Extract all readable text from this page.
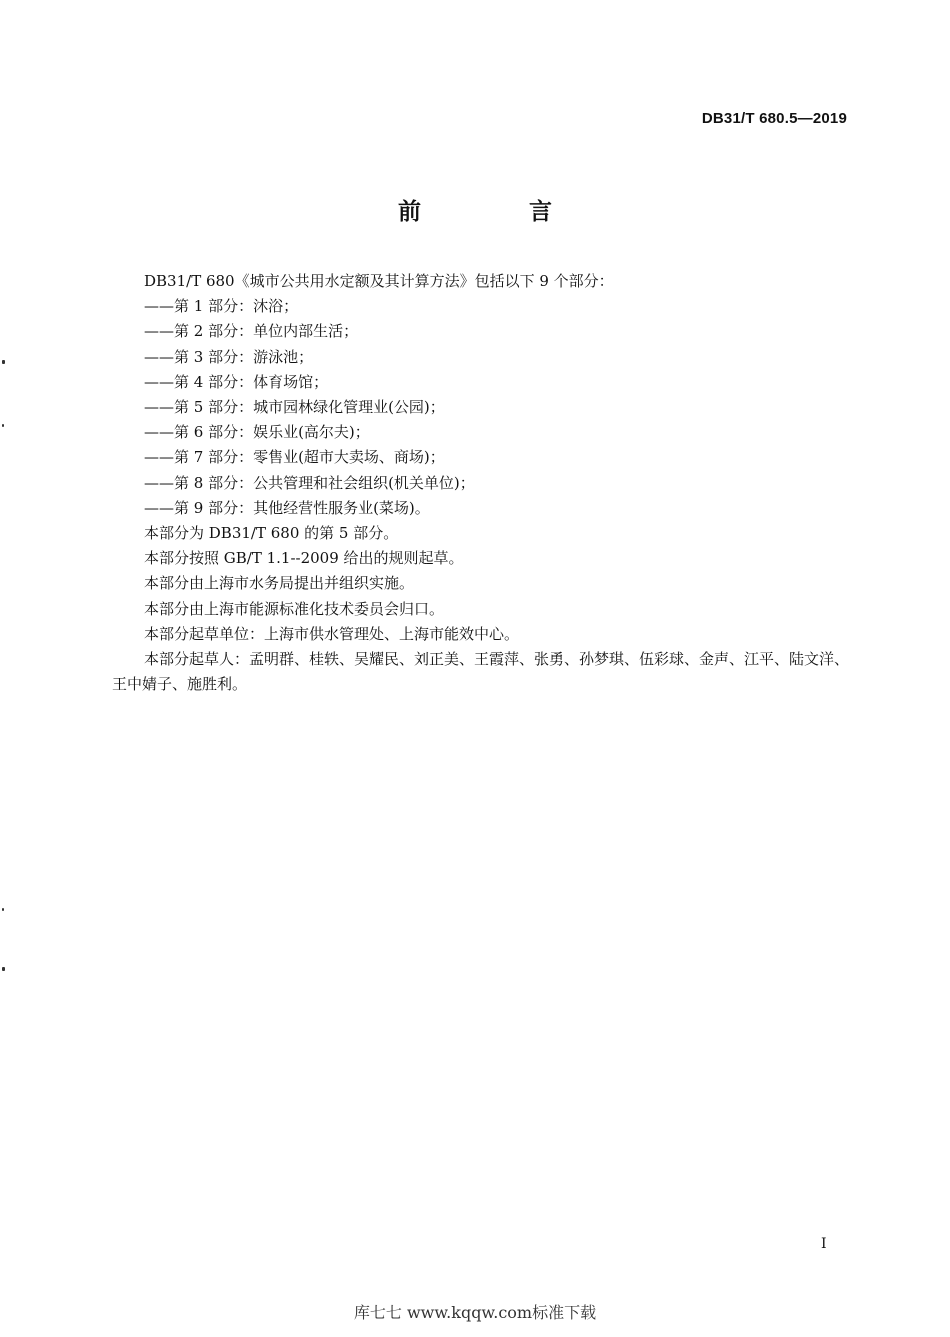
DB31/T 680.5—2019
前 言

DB31/T 680《城市公共用水定额及其计算方法》包括以下 9 个部分：

——第 1 部分：沐浴；

——第 2 部分：单位内部生活；

——第 3 部分：游泳池；

——第 4 部分：体育场馆；

——第 5 部分：城市园林绿化管理业(公园)；

——第 6 部分：娱乐业(高尔夫)；

——第 7 部分：零售业(超市大卖场、商场)；

——第 8 部分：公共管理和社会组织(机关单位)；

——第 9 部分：其他经营性服务业(菜场)。

本部分为 DB31/T 680 的第 5 部分。

本部分按照 GB/T 1.1--2009 给出的规则起草。

本部分由上海市水务局提出并组织实施。

本部分由上海市能源标准化技术委员会归口。

本部分起草单位：上海市供水管理处、上海市能效中心。

本部分起草人：孟明群、桂轶、吴耀民、刘正美、王霞萍、张勇、孙梦琪、伍彩球、金声、江平、陆文洋、王中婧子、施胜利。

I
库七七 www.kqqw.com标准下载
